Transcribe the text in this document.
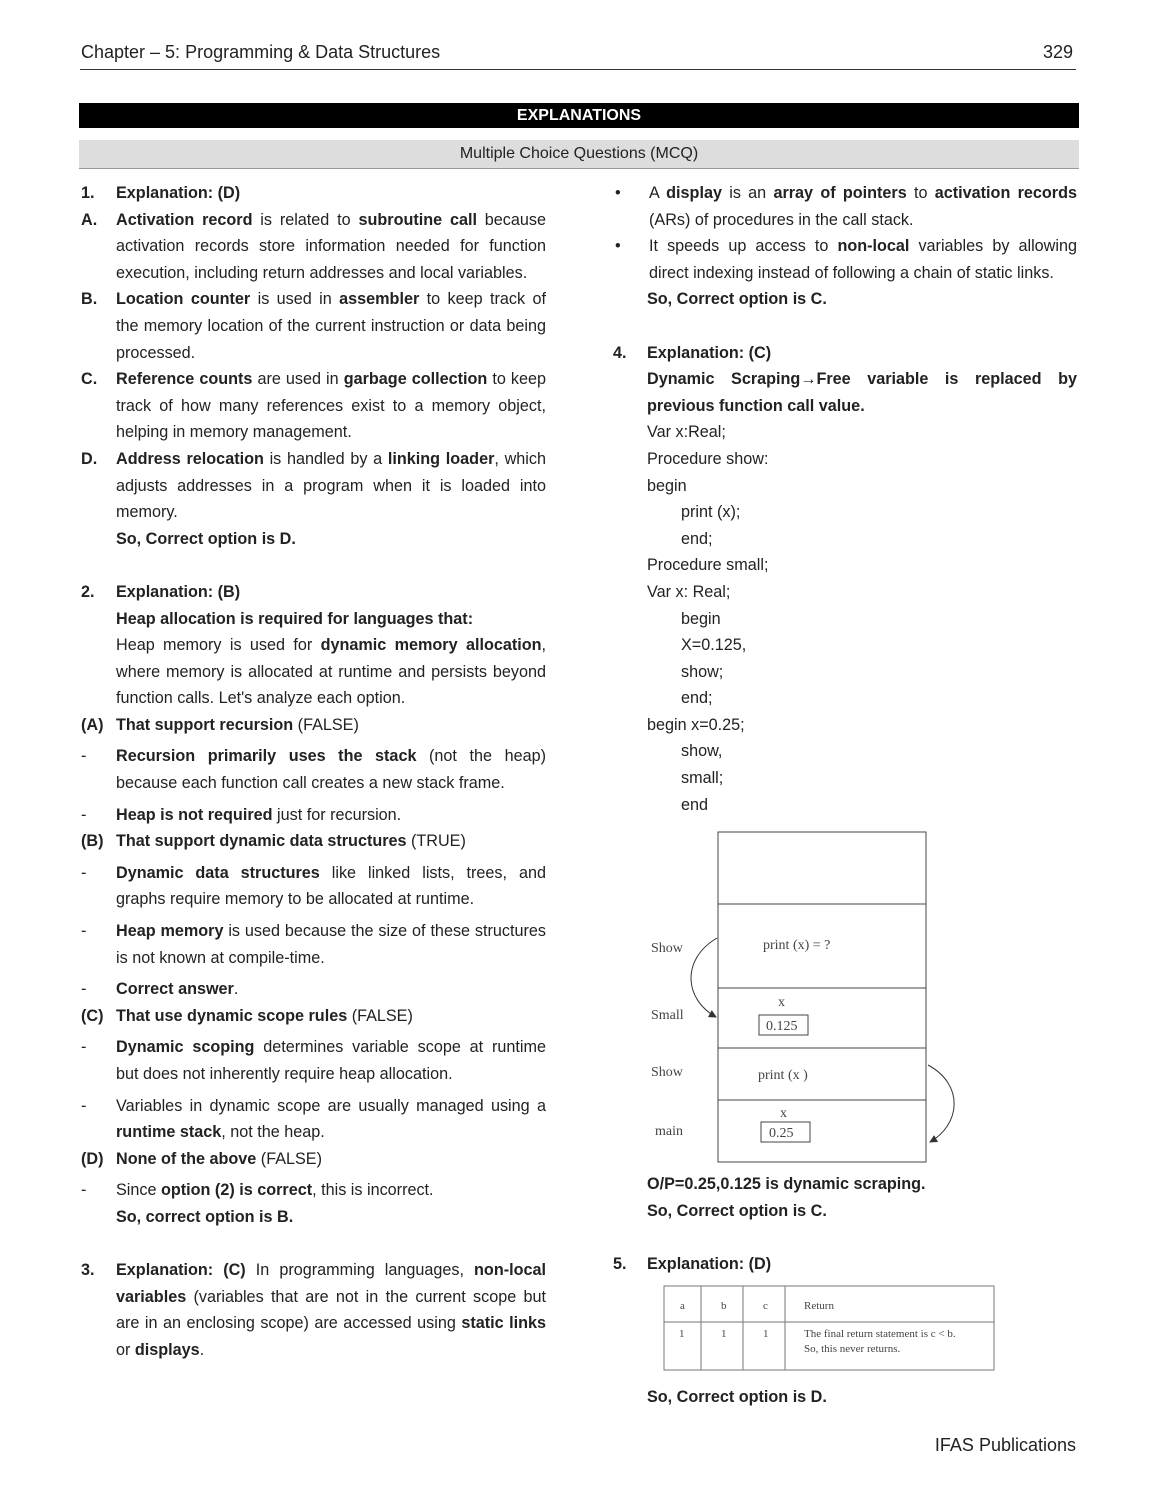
Chapter – 5: Programming & Data Structures	329
EXPLANATIONS
Multiple Choice Questions (MCQ)
1.	Explanation: (D)
A.	Activation record is related to subroutine call because activation records store information needed for function execution, including return addresses and local variables.
B.	Location counter is used in assembler to keep track of the memory location of the current instruction or data being processed.
C.	Reference counts are used in garbage collection to keep track of how many references exist to a memory object, helping in memory management.
D.	Address relocation is handled by a linking loader, which adjusts addresses in a program when it is loaded into memory.
So, Correct option is D.
2.	Explanation: (B)
Heap allocation is required for languages that:
Heap memory is used for dynamic memory allocation, where memory is allocated at runtime and persists beyond function calls. Let's analyze each option.
(A) That support recursion (FALSE)
-	Recursion primarily uses the stack (not the heap) because each function call creates a new stack frame.
-	Heap is not required just for recursion.
(B) That support dynamic data structures (TRUE)
-	Dynamic data structures like linked lists, trees, and graphs require memory to be allocated at runtime.
-	Heap memory is used because the size of these structures is not known at compile-time.
-	Correct answer.
(C) That use dynamic scope rules (FALSE)
-	Dynamic scoping determines variable scope at runtime but does not inherently require heap allocation.
-	Variables in dynamic scope are usually managed using a runtime stack, not the heap.
(D) None of the above (FALSE)
-	Since option (2) is correct, this is incorrect.
So, correct option is B.
3.	Explanation: (C) In programming languages, non-local variables (variables that are not in the current scope but are in an enclosing scope) are accessed using static links or displays.
•	A display is an array of pointers to activation records (ARs) of procedures in the call stack.
•	It speeds up access to non-local variables by allowing direct indexing instead of following a chain of static links.
So, Correct option is C.
4.	Explanation: (C)
Dynamic Scraping→Free variable is replaced by previous function call value.
Var x:Real;
Procedure show:
begin
print (x);
end;
Procedure small;
Var x: Real;
begin
X=0.125,
show;
end;
begin x=0.25;
show,
small;
end
O/P=0.25,0.125 is dynamic scraping.
So, Correct option is C.
5.	Explanation: (D)
So, Correct option is D.
Show
Small
Show
main
print (x) = ?
x
0.125
print (x )
x
0.25
a	b	c	Return
1	1	1	The final return statement is c < b.
So, this never returns.
IFAS Publications
